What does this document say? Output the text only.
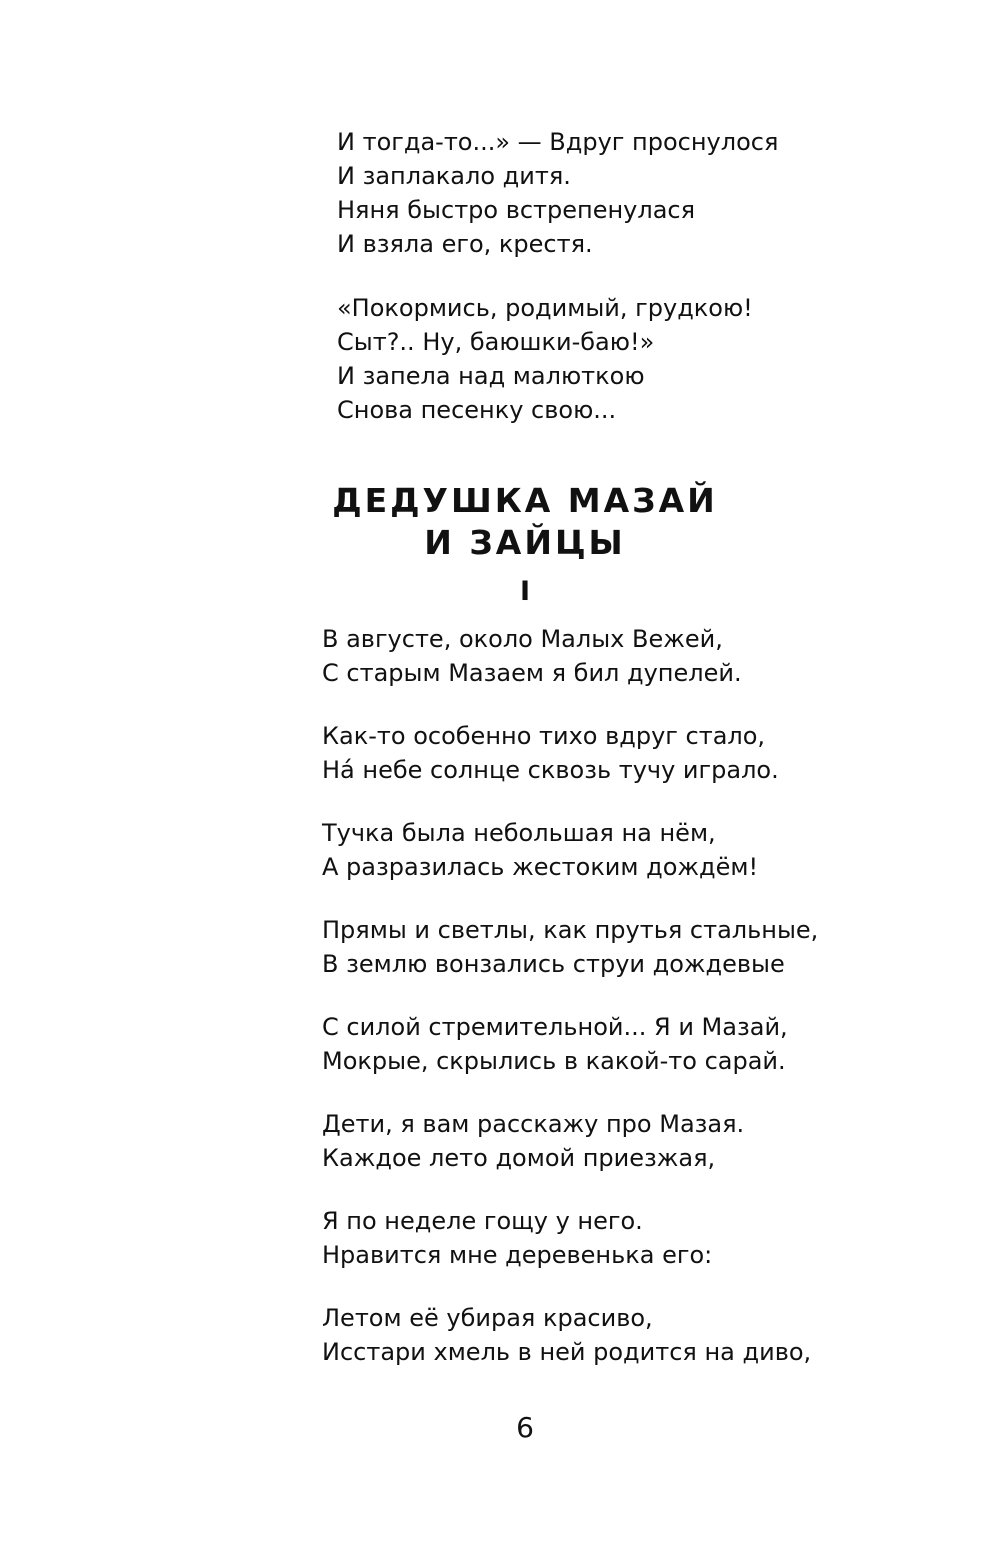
И тогда-то...» — Вдруг проснулося

И заплакало дитя.

Няня быстро встрепенулася

И взяла его, крестя.

«Покормись, родимый, грудкою!

Сыт?.. Ну, баюшки-баю!»

И запела над малюткою

Снова песенку свою...

ДЕДУШКА МАЗАЙ
И ЗАЙЦЫ
I

В августе, около Малых Вежей,

С старым Мазаем я бил дупелей.

Как-то особенно тихо вдруг стало,

На́ небе солнце сквозь тучу играло.

Тучка была небольшая на нём,

А разразилась жестоким дождём!

Прямы и светлы, как прутья стальные,

В землю вонзались струи дождевые

С силой стремительной... Я и Мазай,

Мокрые, скрылись в какой-то сарай.

Дети, я вам расскажу про Мазая.

Каждое лето домой приезжая,

Я по неделе гощу у него.

Нравится мне деревенька его:

Летом её убирая красиво,

Исстари хмель в ней родится на диво,

6
